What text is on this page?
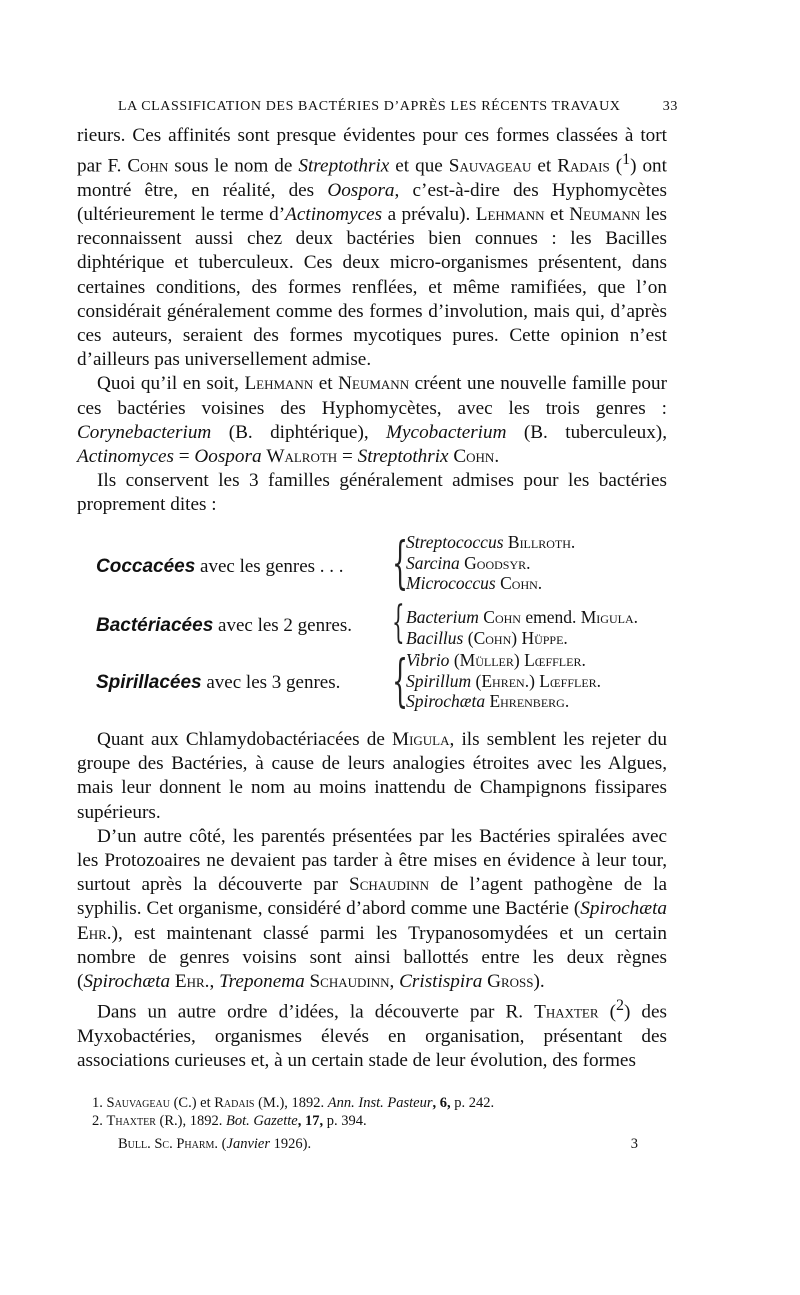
LA CLASSIFICATION DES BACTÉRIES D’APRÈS LES RÉCENTS TRAVAUX	33

rieurs. Ces affinités sont presque évidentes pour ces formes classées à tort par F. Cohn sous le nom de Streptothrix et que Sauvageau et Radais ($^1$) ont montré être, en réalité, des Oospora, c’est-à-dire des Hyphomycètes (ultérieurement le terme d’Actinomyces a prévalu). Lehmann et Neumann les reconnaissent aussi chez deux bactéries bien connues : les Bacilles diphtérique et tuberculeux. Ces deux micro-organismes présentent, dans certaines conditions, des formes renflées, et même ramifiées, que l’on considérait généralement comme des formes d’involution, mais qui, d’après ces auteurs, seraient des formes mycotiques pures. Cette opinion n’est d’ailleurs pas universellement admise.

Quoi qu’il en soit, Lehmann et Neumann créent une nouvelle famille pour ces bactéries voisines des Hyphomycètes, avec les trois genres : Corynebacterium (B. diphtérique), Mycobacterium (B. tuberculeux), Actinomyces = Oospora Walroth = Streptothrix Cohn.

Ils conservent les 3 familles généralement admises pour les bactéries proprement dites :

Coccacées avec les genres . . . {
Streptococcus Billroth.
Sarcina Goodsyr.
Micrococcus Cohn.
Bactériacées avec les 2 genres. { Bacterium Cohn emend. Migula.
Bacillus (Cohn) Hüppe.
Spirillacées avec les 3 genres. {
Vibrio (Müller) Lœffler.
Spirillum (Ehren.) Lœffler.
Spirochæta Ehrenberg.

Quant aux Chlamydobactériacées de Migula, ils semblent les rejeter du groupe des Bactéries, à cause de leurs analogies étroites avec les Algues, mais leur donnent le nom au moins inattendu de Champignons fissipares supérieurs.

D’un autre côté, les parentés présentées par les Bactéries spiralées avec les Protozoaires ne devaient pas tarder à être mises en évidence à leur tour, surtout après la découverte par Schaudinn de l’agent pathogène de la syphilis. Cet organisme, considéré d’abord comme une Bactérie (Spirochæta Ehr.), est maintenant classé parmi les Trypanosomydées et un certain nombre de genres voisins sont ainsi ballottés entre les deux règnes (Spirochæta Ehr., Treponema Schaudinn, Cristispira Gross).

Dans un autre ordre d’idées, la découverte par R. Thaxter ($^2$) des Myxobactéries, organismes élevés en organisation, présentant des associations curieuses et, à un certain stade de leur évolution, des formes

1. Sauvageau (C.) et Radais (M.), 1892. Ann. Inst. Pasteur, 6, p. 242.

2. Thaxter (R.), 1892. Bot. Gazette, 17, p. 394.

Bull. Sc. Pharm. (Janvier 1926).	3
